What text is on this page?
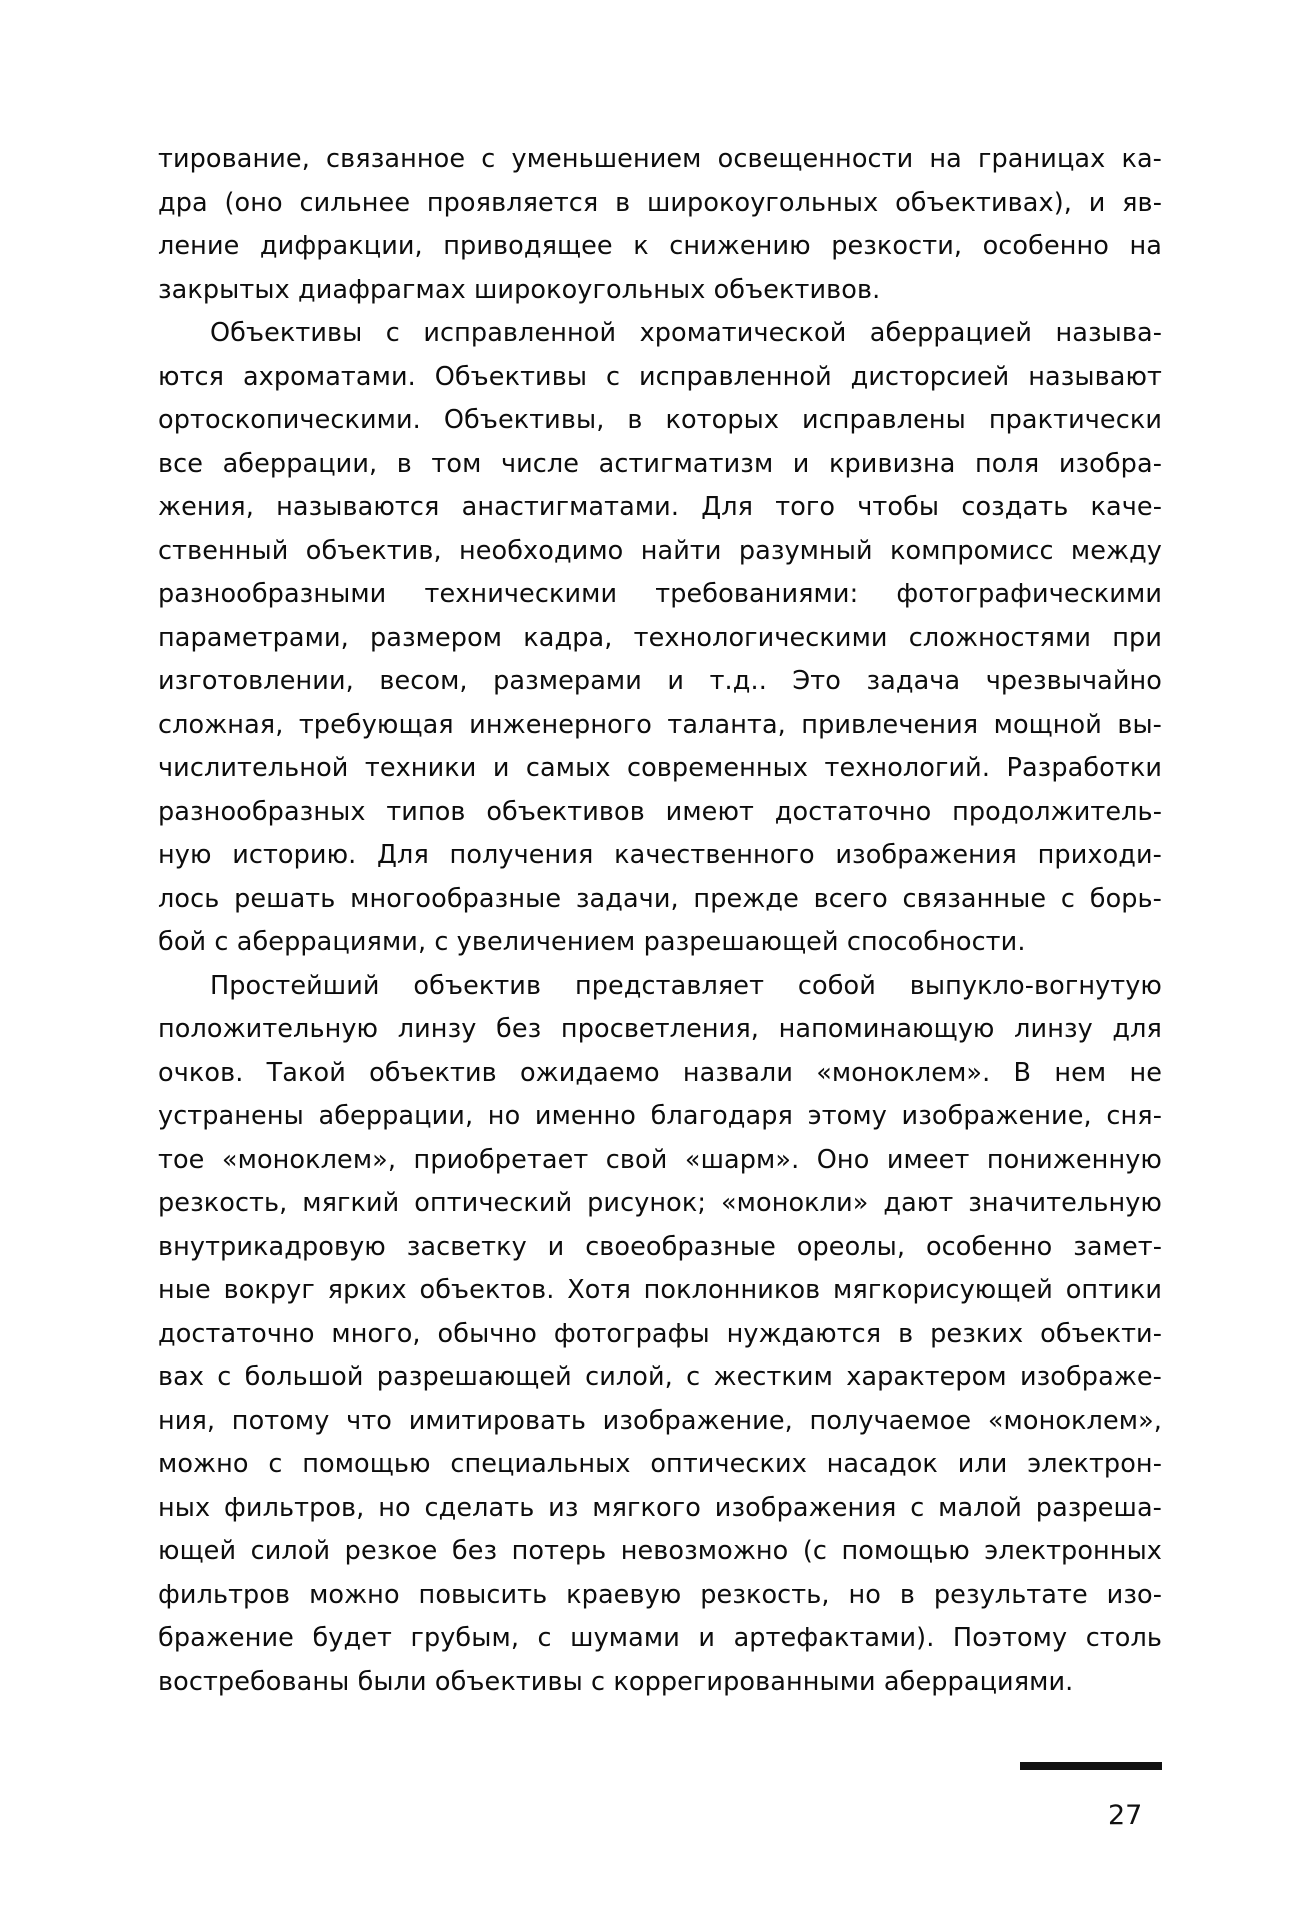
тирование, связанное с уменьшением освещенности на границах ка-
дра (оно сильнее проявляется в широкоугольных объективах), и яв-
ление дифракции, приводящее к снижению резкости, особенно на
закрытых диафрагмах широкоугольных объективов.

Объективы с исправленной хроматической аберрацией называ-
ются ахроматами. Объективы с исправленной дисторсией называют
ортоскопическими. Объективы, в которых исправлены практически
все аберрации, в том числе астигматизм и кривизна поля изобра-
жения, называются анастигматами. Для того чтобы создать каче-
ственный объектив, необходимо найти разумный компромисс между
разнообразными техническими требованиями: фотографическими
параметрами, размером кадра, технологическими сложностями при
изготовлении, весом, размерами и т.д.. Это задача чрезвычайно
сложная, требующая инженерного таланта, привлечения мощной вы-
числительной техники и самых современных технологий. Разработки
разнообразных типов объективов имеют достаточно продолжитель-
ную историю. Для получения качественного изображения приходи-
лось решать многообразные задачи, прежде всего связанные с борь-
бой с аберрациями, с увеличением разрешающей способности.

Простейший объектив представляет собой выпукло-вогнутую
положительную линзу без просветления, напоминающую линзу для
очков. Такой объектив ожидаемо назвали «моноклем». В нем не
устранены аберрации, но именно благодаря этому изображение, сня-
тое «моноклем», приобретает свой «шарм». Оно имеет пониженную
резкость, мягкий оптический рисунок; «монокли» дают значительную
внутрикадровую засветку и своеобразные ореолы, особенно замет-
ные вокруг ярких объектов. Хотя поклонников мягкорисующей оптики
достаточно много, обычно фотографы нуждаются в резких объекти-
вах с большой разрешающей силой, с жестким характером изображе-
ния, потому что имитировать изображение, получаемое «моноклем»,
можно с помощью специальных оптических насадок или электрон-
ных фильтров, но сделать из мягкого изображения с малой разреша-
ющей силой резкое без потерь невозможно (с помощью электронных
фильтров можно повысить краевую резкость, но в результате изо-
бражение будет грубым, с шумами и артефактами). Поэтому столь
востребованы были объективы с коррегированными аберрациями.

27
